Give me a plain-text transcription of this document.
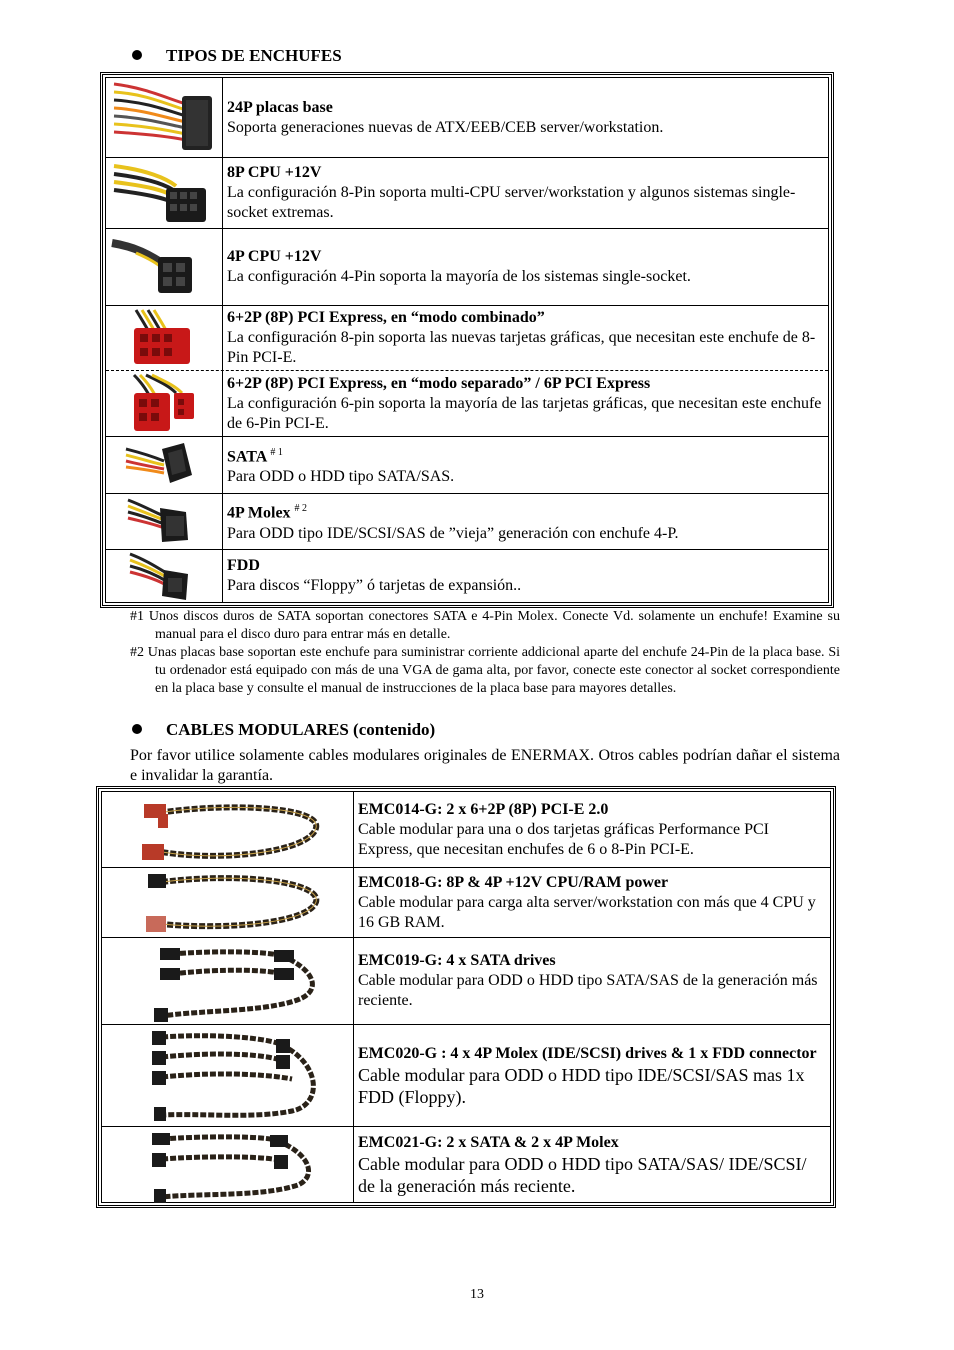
TIPOS DE ENCHUFES
24P placas base
Soporta generaciones nuevas de ATX/EEB/CEB server/workstation.
8P CPU +12V
La configuración 8-Pin soporta multi-CPU server/workstation y algunos sistemas single-socket extremas.
4P CPU +12V
La configuración 4-Pin soporta la mayoría de los sistemas single-socket.
6+2P (8P) PCI Express, en “modo combinado”
La configuración 8-pin soporta las nuevas tarjetas gráficas, que necesitan este enchufe de 8-Pin PCI-E.
6+2P (8P) PCI Express, en “modo separado” / 6P PCI Express
La configuración 6-pin soporta la mayoría de las tarjetas gráficas, que necesitan este enchufe de 6-Pin PCI-E.
SATA $^{\# 1}$
Para ODD o HDD tipo SATA/SAS.
4P Molex $^{\# 2}$
Para ODD tipo IDE/SCSI/SAS de ”vieja” generación con enchufe 4-P.
FDD
Para discos “Floppy” ó tarjetas de expansión..

#1 Unos discos duros de SATA soportan conectores SATA e 4-Pin Molex. Conecte Vd. solamente un enchufe! Examine su manual para el disco duro para entrar más en detalle.

#2 Unas placas base soportan este enchufe para suministrar corriente addicional aparte del enchufe 24-Pin de la placa base. Si tu ordenador está equipado con más de una VGA de gama alta, por favor, conecte este conector al socket correspondiente en la placa base y consulte el manual de instrucciones de la placa base para mayores detalles.

CABLES MODULARES (contenido)
Por favor utilice solamente cables modulares originales de ENERMAX. Otros cables podrían dañar el sistema e invalidar la garantía.
EMC014-G: 2 x 6+2P (8P) PCI-E 2.0
Cable modular para una o dos tarjetas gráficas Performance PCI Express, que necesitan enchufes de 6 o 8-Pin PCI-E.
EMC018-G: 8P & 4P +12V CPU/RAM power
Cable modular para carga alta server/workstation con más que 4 CPU y 16 GB RAM.
EMC019-G: 4 x SATA drives
Cable modular para ODD o HDD tipo SATA/SAS de la generación más reciente.
EMC020-G : 4 x 4P Molex (IDE/SCSI) drives & 1 x FDD connector
Cable modular para ODD o HDD tipo IDE/SCSI/SAS mas 1x FDD (Floppy).
EMC021-G: 2 x SATA & 2 x 4P Molex
Cable modular para ODD o HDD tipo SATA/SAS/ IDE/SCSI/ de la generación más reciente.
13
